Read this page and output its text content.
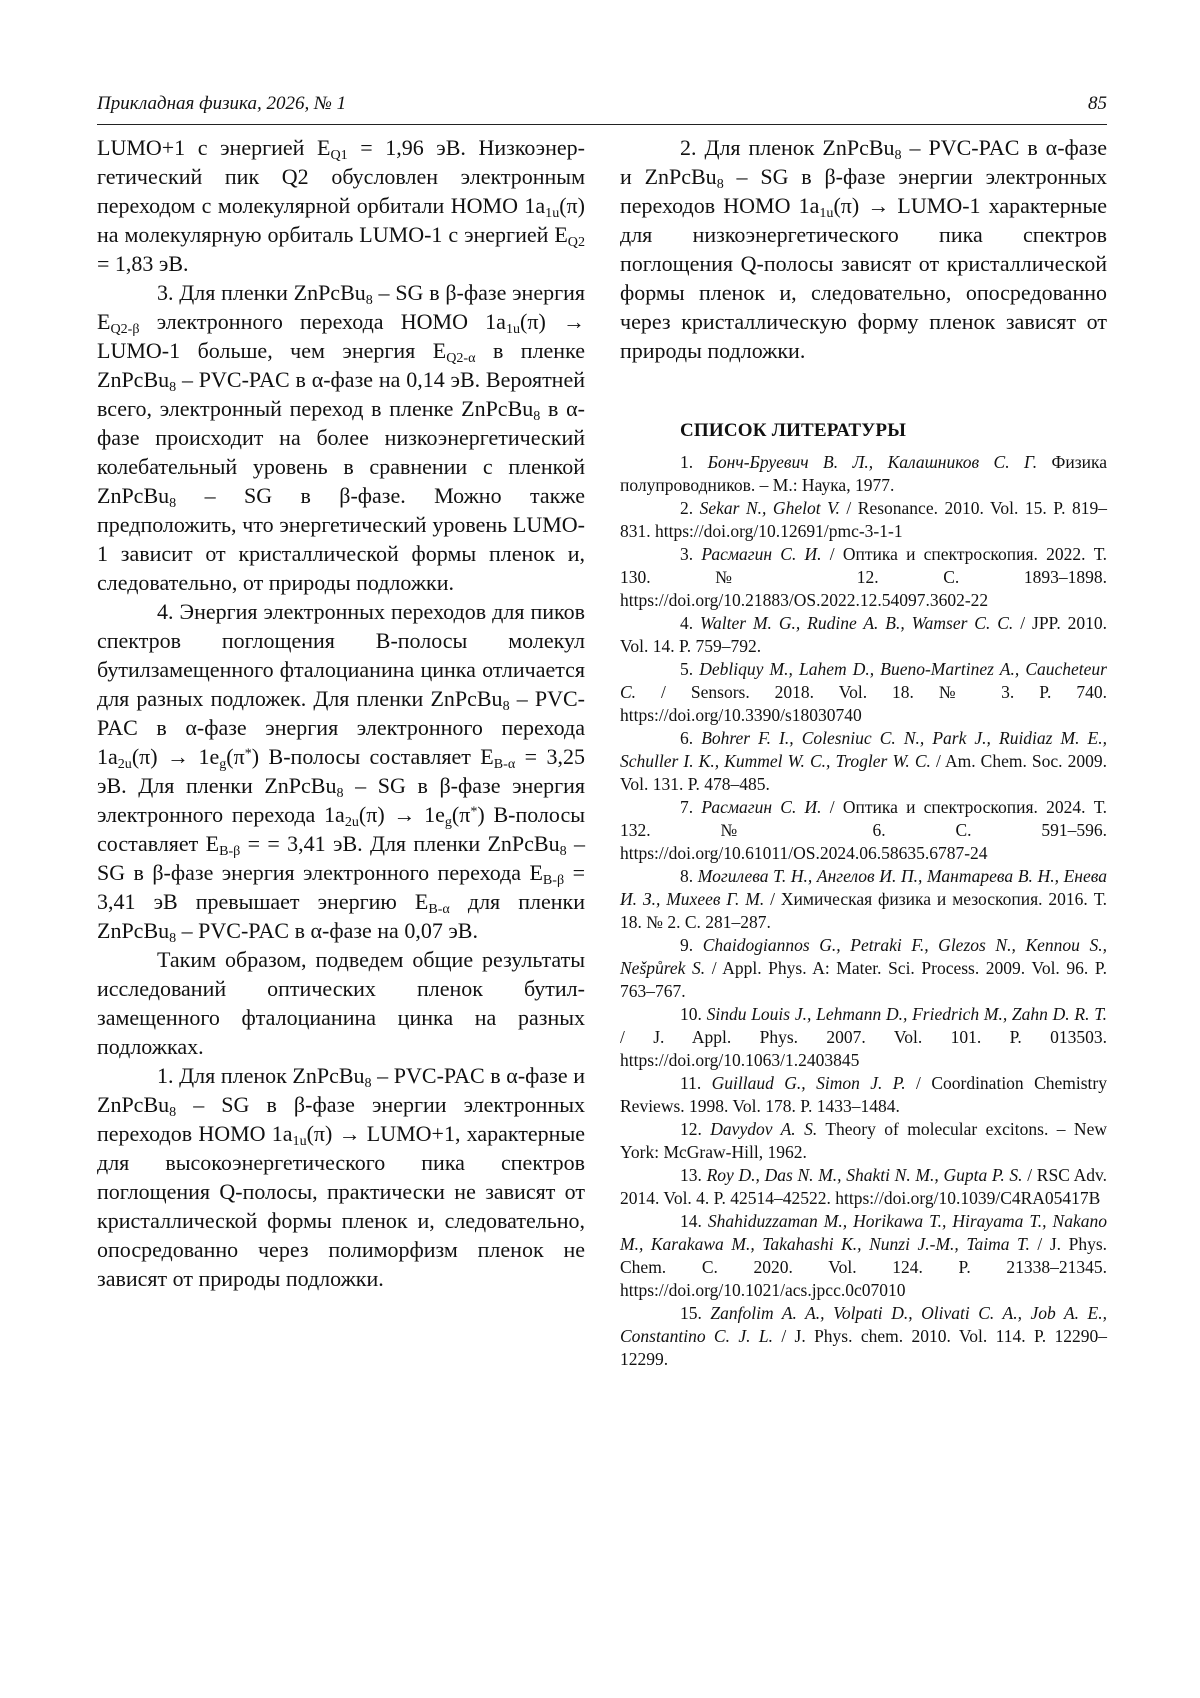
Прикладная физика, 2026, № 1	85

LUMO+1 с энергией $E_{Q1} = 1,96$ эВ. Низкоэнергетический пик Q2 обусловлен электронным переходом с молекулярной орбитали HOMO $1a_{1u}(\pi)$ на молекулярную орбиталь LUMO-1 с энергией $E_{Q2} = 1,83$ эВ.

3. Для пленки ZnPcBu$_8$ – SG в β-фазе энергия $E_{Q2-\beta}$ электронного перехода HOMO $1a_{1u}(\pi)$ → LUMO-1 больше, чем энергия $E_{Q2-\alpha}$ в пленке ZnPcBu$_8$ – PVC-PAC в α-фазе на 0,14 эВ. Вероятней всего, электронный переход в пленке ZnPcBu$_8$ в α-фазе происходит на более низкоэнергетический колебательный уровень в сравнении с пленкой ZnPcBu$_8$ – SG в β-фазе. Можно также предположить, что энергетический уровень LUMO-1 зависит от кристаллической формы пленок и, следовательно, от природы подложки.

4. Энергия электронных переходов для пиков спектров поглощения B-полосы молекул бутилзамещенного фталоцианина цинка отличается для разных подложек. Для пленки ZnPcBu$_8$ – PVC-PAC в α-фазе энергия электронного перехода $1a_{2u}(\pi) \to 1e_g(\pi^*)$ B-полосы составляет $E_{B-\alpha} = 3,25$ эВ. Для пленки ZnPcBu$_8$ – SG в β-фазе энергия электронного перехода $1a_{2u}(\pi) \to 1e_g(\pi^*)$ B-полосы составляет $E_{B-\beta}$ = = 3,41 эВ. Для пленки ZnPcBu$_8$ – SG в β-фазе энергия электронного перехода $E_{B-\beta} = 3,41$ эВ превышает энергию $E_{B-\alpha}$ для пленки ZnPcBu$_8$ – PVC-PAC в α-фазе на 0,07 эВ.

Таким образом, подведем общие результаты исследований оптических пленок бутилзамещенного фталоцианина цинка на разных подложках.

1. Для пленок ZnPcBu$_8$ – PVC-PAC в α-фазе и ZnPcBu$_8$ – SG в β-фазе энергии электронных переходов HOMO $1a_{1u}(\pi)$ → LUMO+1, характерные для высокоэнергетического пика спектров поглощения Q-полосы, практически не зависят от кристаллической формы пленок и, следовательно, опосредованно через полиморфизм пленок не зависят от природы подложки.

2. Для пленок ZnPcBu$_8$ – PVC-PAC в α-фазе и ZnPcBu$_8$ – SG в β-фазе энергии электронных переходов HOMO $1a_{1u}(\pi)$ → LUMO-1 характерные для низкоэнергетического пика спектров поглощения Q-полосы зависят от кристаллической формы пленок и, следовательно, опосредованно через кристаллическую форму пленок зависят от природы подложки.

СПИСОК ЛИТЕРАТУРЫ

1. Бонч-Бруевич В. Л., Калашников С. Г. Физика полупроводников. – М.: Наука, 1977.

2. Sekar N., Ghelot V. / Resonance. 2010. Vol. 15. P. 819–831. https://doi.org/10.12691/pmc-3-1-1

3. Расмагин С. И. / Оптика и спектроскопия. 2022. Т. 130. № 12. С. 1893–1898. https://doi.org/10.21883/OS.2022.12.54097.3602-22

4. Walter M. G., Rudine A. B., Wamser C. C. / JPP. 2010. Vol. 14. P. 759–792.

5. Debliquy M., Lahem D., Bueno-Martinez A., Caucheteur C. / Sensors. 2018. Vol. 18. № 3. P. 740. https://doi.org/10.3390/s18030740

6. Bohrer F. I., Colesniuc C. N., Park J., Ruidiaz M. E., Schuller I. K., Kummel W. C., Trogler W. C. / Am. Chem. Soc. 2009. Vol. 131. P. 478–485.

7. Расмагин С. И. / Оптика и спектроскопия. 2024. Т. 132. № 6. С. 591–596. https://doi.org/10.61011/OS.2024.06.58635.6787-24

8. Могилева Т. Н., Ангелов И. П., Мантарева В. Н., Енева И. З., Михеев Г. М. / Химическая физика и мезоскопия. 2016. Т. 18. № 2. С. 281–287.

9. Chaidogiannos G., Petraki F., Glezos N., Kennou S., Nešpůrek S. / Appl. Phys. A: Mater. Sci. Process. 2009. Vol. 96. P. 763–767.

10. Sindu Louis J., Lehmann D., Friedrich M., Zahn D. R. T. / J. Appl. Phys. 2007. Vol. 101. P. 013503. https://doi.org/10.1063/1.2403845

11. Guillaud G., Simon J. P. / Coordination Chemistry Reviews. 1998. Vol. 178. P. 1433–1484.

12. Davydov A. S. Theory of molecular excitons. – New York: McGraw-Hill, 1962.

13. Roy D., Das N. M., Shakti N. M., Gupta P. S. / RSC Adv. 2014. Vol. 4. P. 42514–42522. https://doi.org/10.1039/C4RA05417B

14. Shahiduzzaman M., Horikawa T., Hirayama T., Nakano M., Karakawa M., Takahashi K., Nunzi J.-M., Taima T. / J. Phys. Chem. C. 2020. Vol. 124. P. 21338–21345. https://doi.org/10.1021/acs.jpcc.0c07010

15. Zanfolim A. A., Volpati D., Olivati C. A., Job A. E., Constantino C. J. L. / J. Phys. chem. 2010. Vol. 114. P. 12290–12299.
